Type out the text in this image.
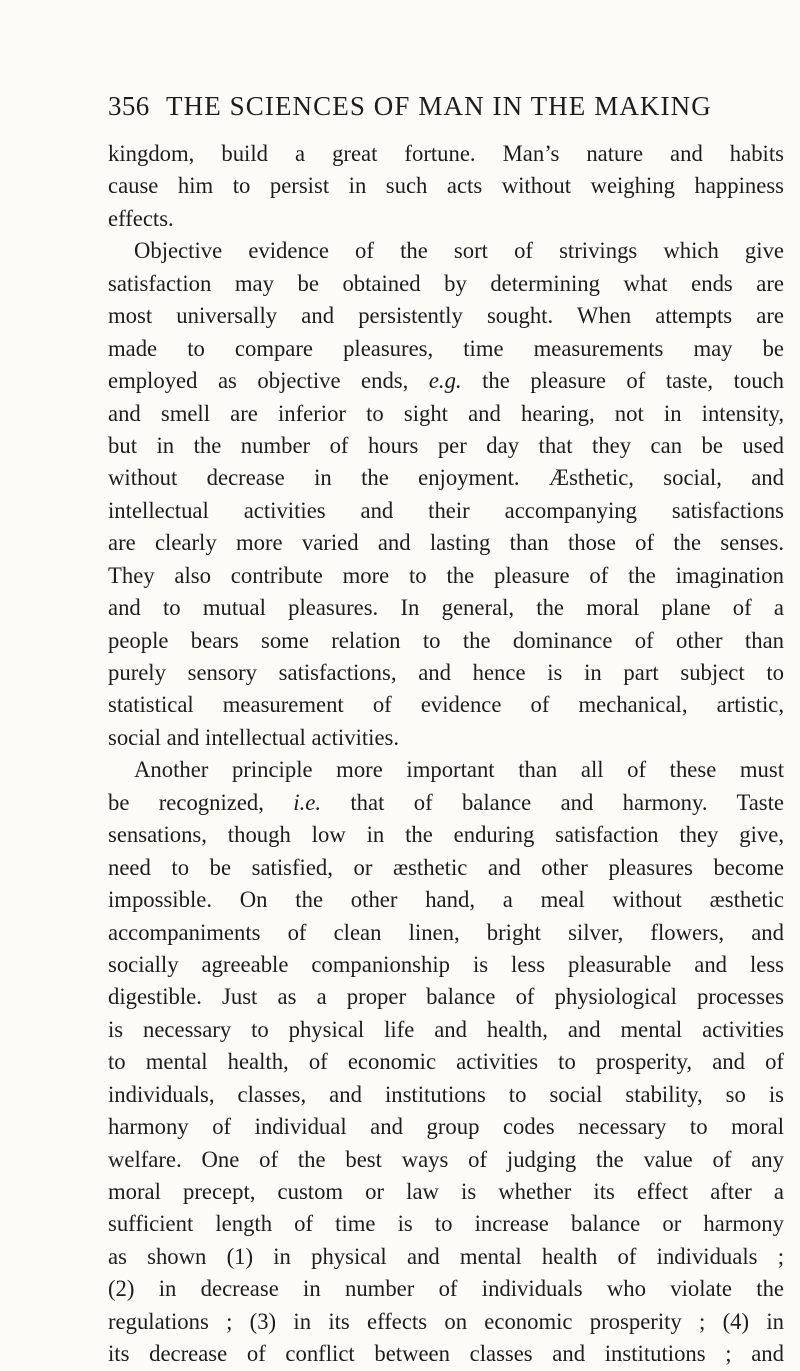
356 THE SCIENCES OF MAN IN THE MAKING
kingdom, build a great fortune. Man’s nature and habits
cause him to persist in such acts without weighing happiness
effects.
Objective evidence of the sort of strivings which give
satisfaction may be obtained by determining what ends are
most universally and persistently sought. When attempts are
made to compare pleasures, time measurements may be
employed as objective ends, e.g. the pleasure of taste, touch
and smell are inferior to sight and hearing, not in intensity,
but in the number of hours per day that they can be used
without decrease in the enjoyment. Æsthetic, social, and
intellectual activities and their accompanying satisfactions
are clearly more varied and lasting than those of the senses.
They also contribute more to the pleasure of the imagination
and to mutual pleasures. In general, the moral plane of a
people bears some relation to the dominance of other than
purely sensory satisfactions, and hence is in part subject to
statistical measurement of evidence of mechanical, artistic,
social and intellectual activities.
Another principle more important than all of these must
be recognized, i.e. that of balance and harmony. Taste
sensations, though low in the enduring satisfaction they give,
need to be satisfied, or æsthetic and other pleasures become
impossible. On the other hand, a meal without æsthetic
accompaniments of clean linen, bright silver, flowers, and
socially agreeable companionship is less pleasurable and less
digestible. Just as a proper balance of physiological processes
is necessary to physical life and health, and mental activities
to mental health, of economic activities to prosperity, and of
individuals, classes, and institutions to social stability, so is
harmony of individual and group codes necessary to moral
welfare. One of the best ways of judging the value of any
moral precept, custom or law is whether its effect after a
sufficient length of time is to increase balance or harmony
as shown (1) in physical and mental health of individuals ;
(2) in decrease in number of individuals who violate the
regulations ; (3) in its effects on economic prosperity ; (4) in
its decrease of conflict between classes and institutions ; and
